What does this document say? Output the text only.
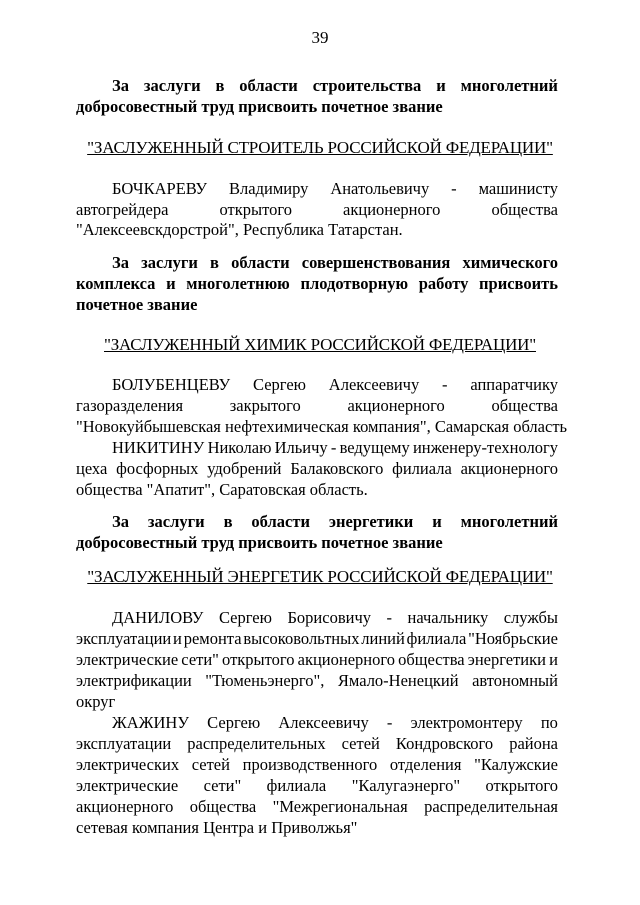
39
За заслуги в области строительства и многолетний
добросовестный труд присвоить почетное звание
"ЗАСЛУЖЕННЫЙ СТРОИТЕЛЬ РОССИЙСКОЙ ФЕДЕРАЦИИ"
БОЧКАРЕВУ Владимиру Анатольевичу - машинисту
автогрейдера	открытого	акционерного	общества
"Алексеевскдорстрой", Республика Татарстан.
За заслуги в области совершенствования химического
комплекса и многолетнюю плодотворную работу присвоить
почетное звание
"ЗАСЛУЖЕННЫЙ ХИМИК РОССИЙСКОЙ ФЕДЕРАЦИИ"
БОЛУБЕНЦЕВУ Сергею Алексеевичу - аппаратчику
газоразделения	закрытого	акционерного	общества
"Новокуйбышевская нефтехимическая компания", Самарская область
НИКИТИНУ Николаю Ильичу - ведущему инженеру-технологу
цеха фосфорных удобрений Балаковского филиала акционерного
общества "Апатит", Саратовская область.
За заслуги в области энергетики и многолетний
добросовестный труд присвоить почетное звание
"ЗАСЛУЖЕННЫЙ ЭНЕРГЕТИК РОССИЙСКОЙ ФЕДЕРАЦИИ"
ДАНИЛОВУ Сергею Борисовичу - начальнику службы
эксплуатации и ремонта высоковольтных линий филиала "Ноябрьские
электрические сети" открытого акционерного общества энергетики и
электрификации "Тюменьэнерго", Ямало-Ненецкий автономный
округ
ЖАЖИНУ Сергею Алексеевичу - электромонтеру по
эксплуатации распределительных сетей Кондровского района
электрических сетей производственного отделения "Калужские
электрические сети" филиала "Калугаэнерго" открытого
акционерного общества "Межрегиональная распределительная
сетевая компания Центра и Приволжья"
